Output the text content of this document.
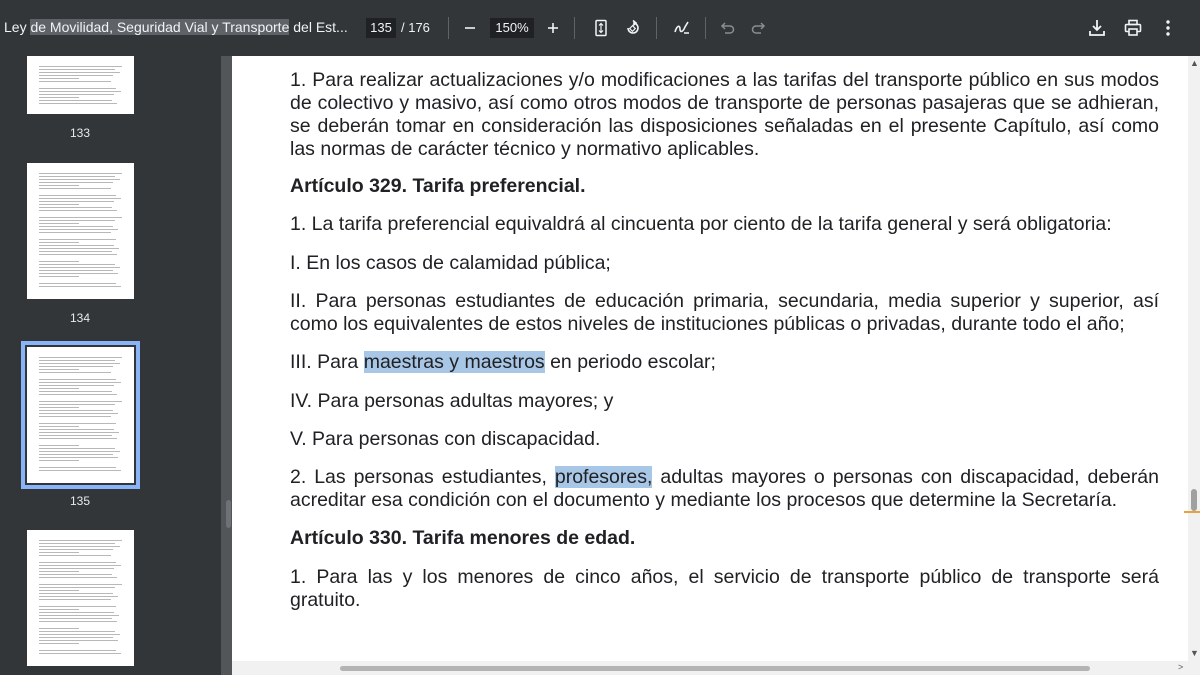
Ley de Movilidad, Seguridad Vial y Transporte del Est...	135 / 176	150%
133
134
135
1. Para realizar actualizaciones y/o modificaciones a las tarifas del transporte público en sus modos de colectivo y masivo, así como otros modos de transporte de personas pasajeras que se adhieran, se deberán tomar en consideración las disposiciones señaladas en el presente Capítulo, así como las normas de carácter técnico y normativo aplicables.
Artículo 329. Tarifa preferencial.
1. La tarifa preferencial equivaldrá al cincuenta por ciento de la tarifa general y será obligatoria:
I. En los casos de calamidad pública;
II. Para personas estudiantes de educación primaria, secundaria, media superior y superior, así como los equivalentes de estos niveles de instituciones públicas o privadas, durante todo el año;
III. Para maestras y maestros en periodo escolar;
IV. Para personas adultas mayores; y
V. Para personas con discapacidad.
2. Las personas estudiantes, profesores, adultas mayores o personas con discapacidad, deberán acreditar esa condición con el documento y mediante los procesos que determine la Secretaría.
Artículo 330. Tarifa menores de edad.
1. Para las y los menores de cinco años, el servicio de transporte público de transporte será gratuito.
▲
▼
<	>
